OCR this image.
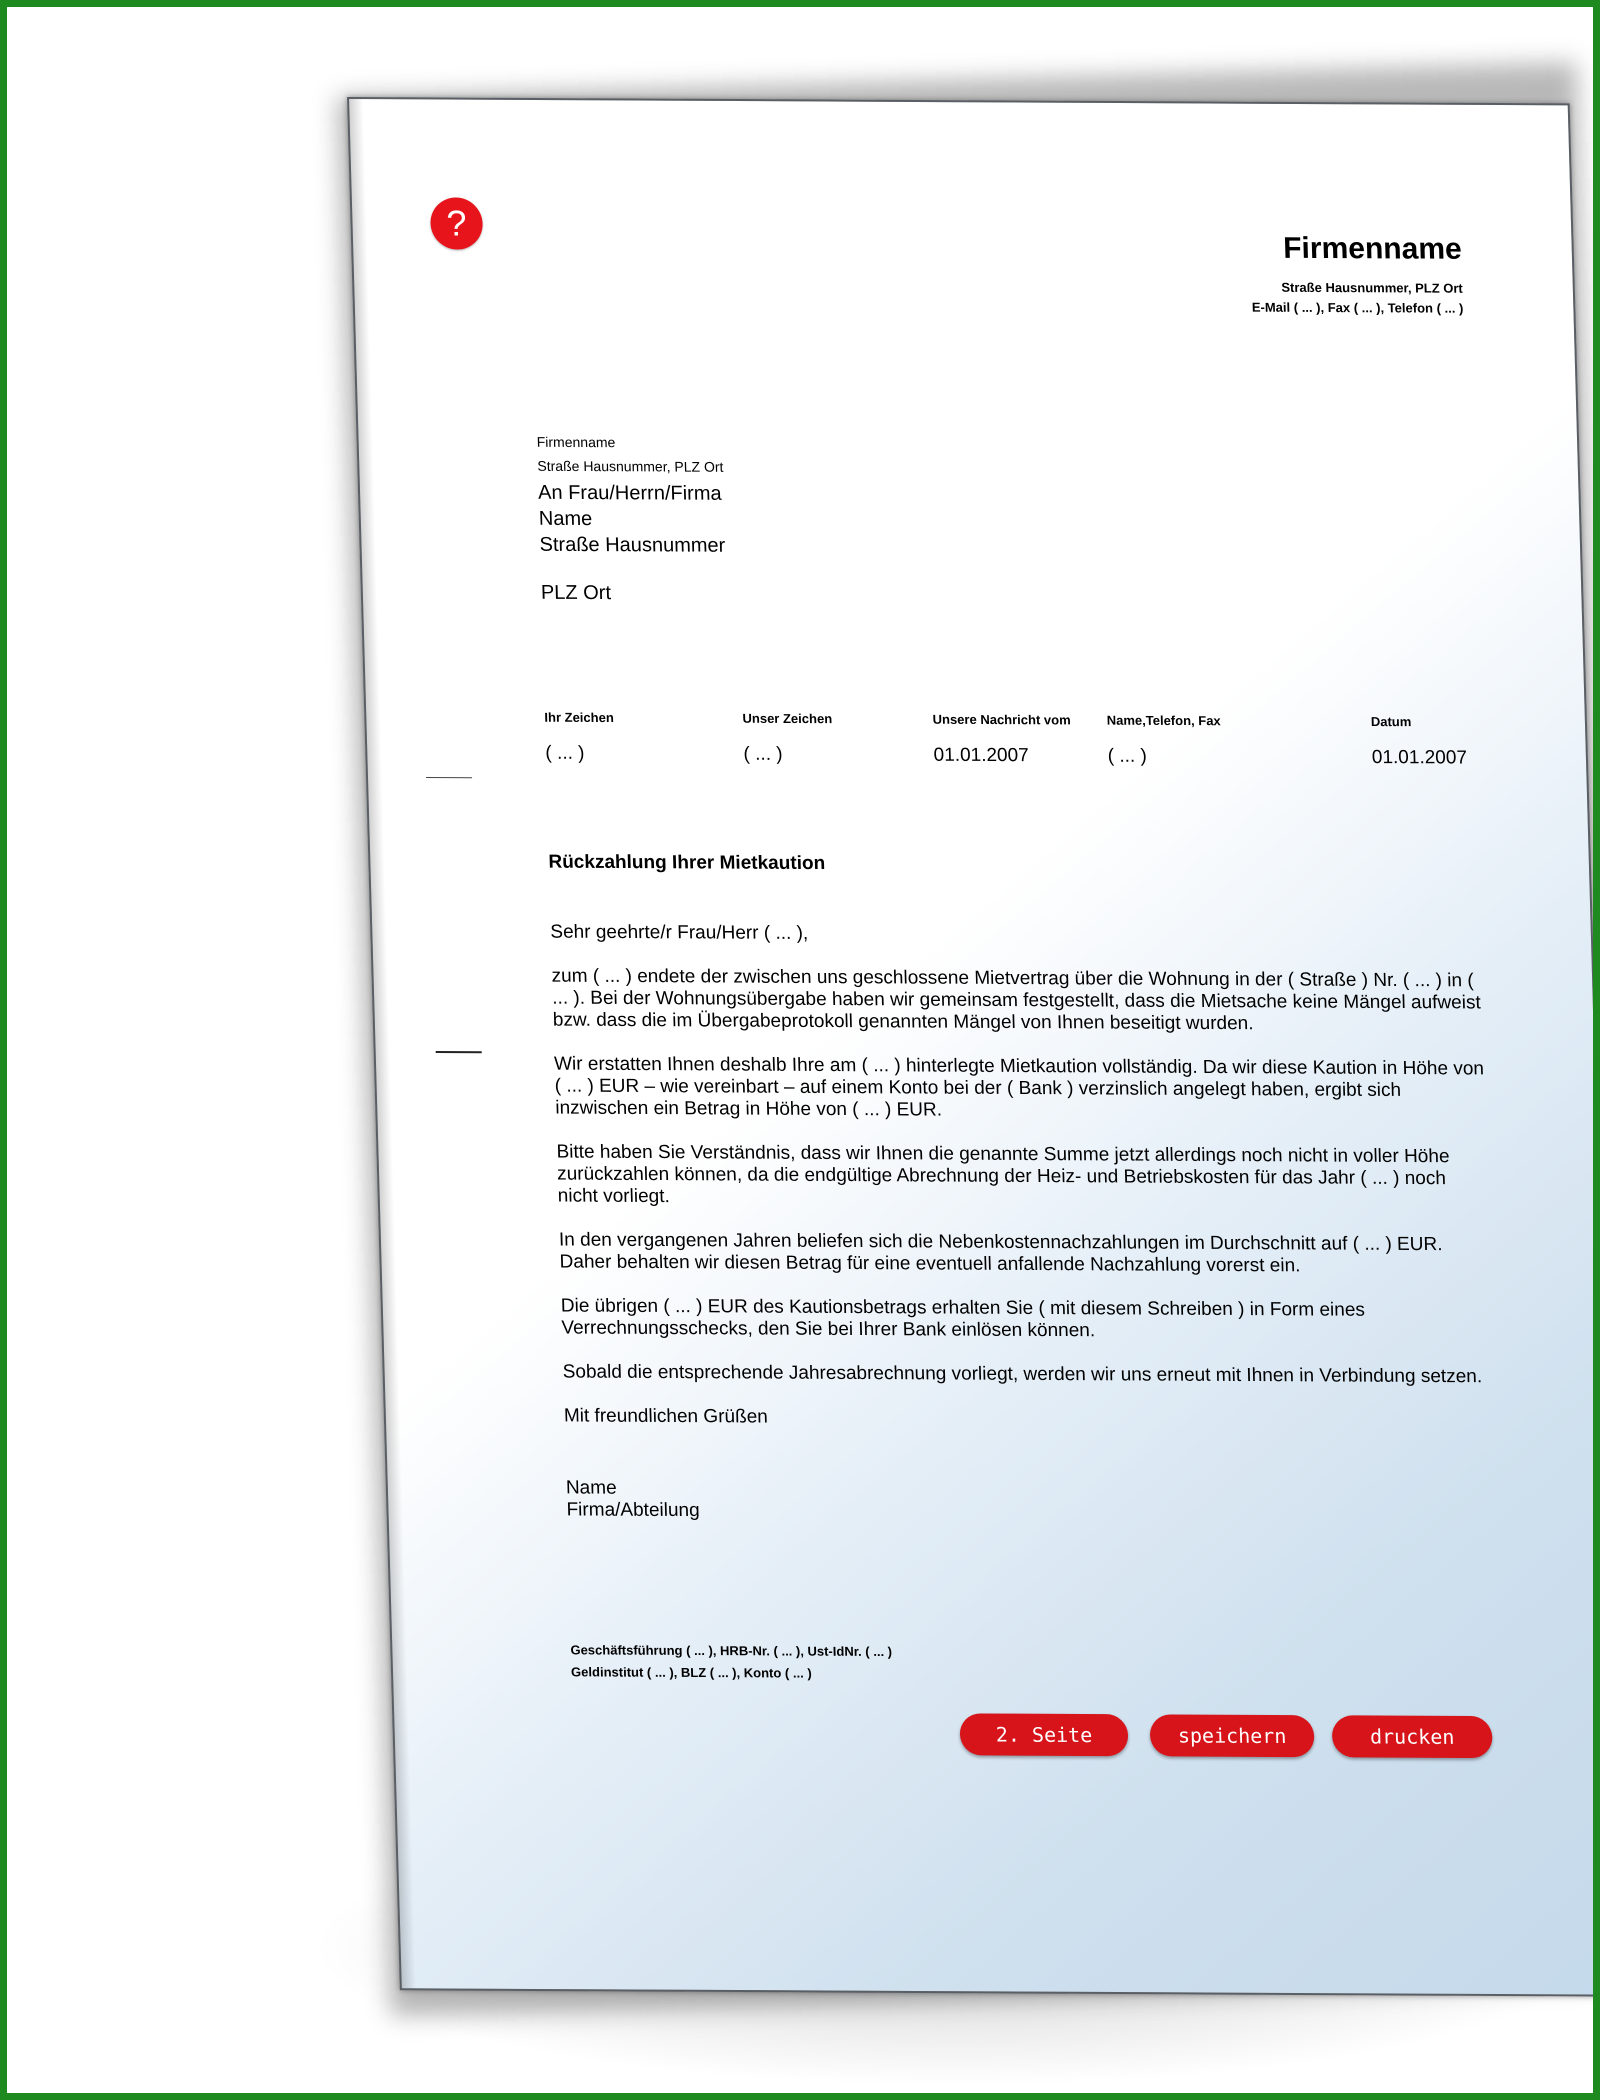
?
Firmenname
Straße Hausnummer, PLZ Ort
E-Mail ( ... ), Fax ( ... ), Telefon ( ... )
Firmenname
Straße Hausnummer, PLZ Ort
An Frau/Herrn/Firma
Name
Straße Hausnummer
PLZ Ort
Ihr Zeichen
( ... )
Unser Zeichen
( ... )
Unsere Nachricht vom
01.01.2007
Name,Telefon, Fax
( ... )
Datum
01.01.2007
Rückzahlung Ihrer Mietkaution

Sehr geehrte/r Frau/Herr ( ... ),

zum ( ... ) endete der zwischen uns geschlossene Mietvertrag über die Wohnung in der ( Straße ) Nr. ( ... ) in ( ... ). Bei der Wohnungsübergabe haben wir gemeinsam festgestellt, dass die Mietsache keine Mängel aufweist bzw. dass die im Übergabeprotokoll genannten Mängel von Ihnen beseitigt wurden.

Wir erstatten Ihnen deshalb Ihre am ( ... ) hinterlegte Mietkaution vollständig. Da wir diese Kaution in Höhe von ( ... ) EUR – wie vereinbart – auf einem Konto bei der ( Bank ) verzinslich angelegt haben, ergibt sich inzwischen ein Betrag in Höhe von ( ... ) EUR.

Bitte haben Sie Verständnis, dass wir Ihnen die genannte Summe jetzt allerdings noch nicht in voller Höhe zurückzahlen können, da die endgültige Abrechnung der Heiz- und Betriebskosten für das Jahr ( ... ) noch nicht vorliegt.

In den vergangenen Jahren beliefen sich die Nebenkostennachzahlungen im Durchschnitt auf ( ... ) EUR. Daher behalten wir diesen Betrag für eine eventuell anfallende Nachzahlung vorerst ein.

Die übrigen ( ... ) EUR des Kautionsbetrags erhalten Sie ( mit diesem Schreiben ) in Form eines Verrechnungsschecks, den Sie bei Ihrer Bank einlösen können.

Sobald die entsprechende Jahresabrechnung vorliegt, werden wir uns erneut mit Ihnen in Verbindung setzen.

Mit freundlichen Grüßen

Name
Firma/Abteilung
Geschäftsführung ( ... ), HRB-Nr. ( ... ), Ust-IdNr. ( ... )
Geldinstitut ( ... ), BLZ ( ... ), Konto ( ... )
2. Seite	speichern	drucken
